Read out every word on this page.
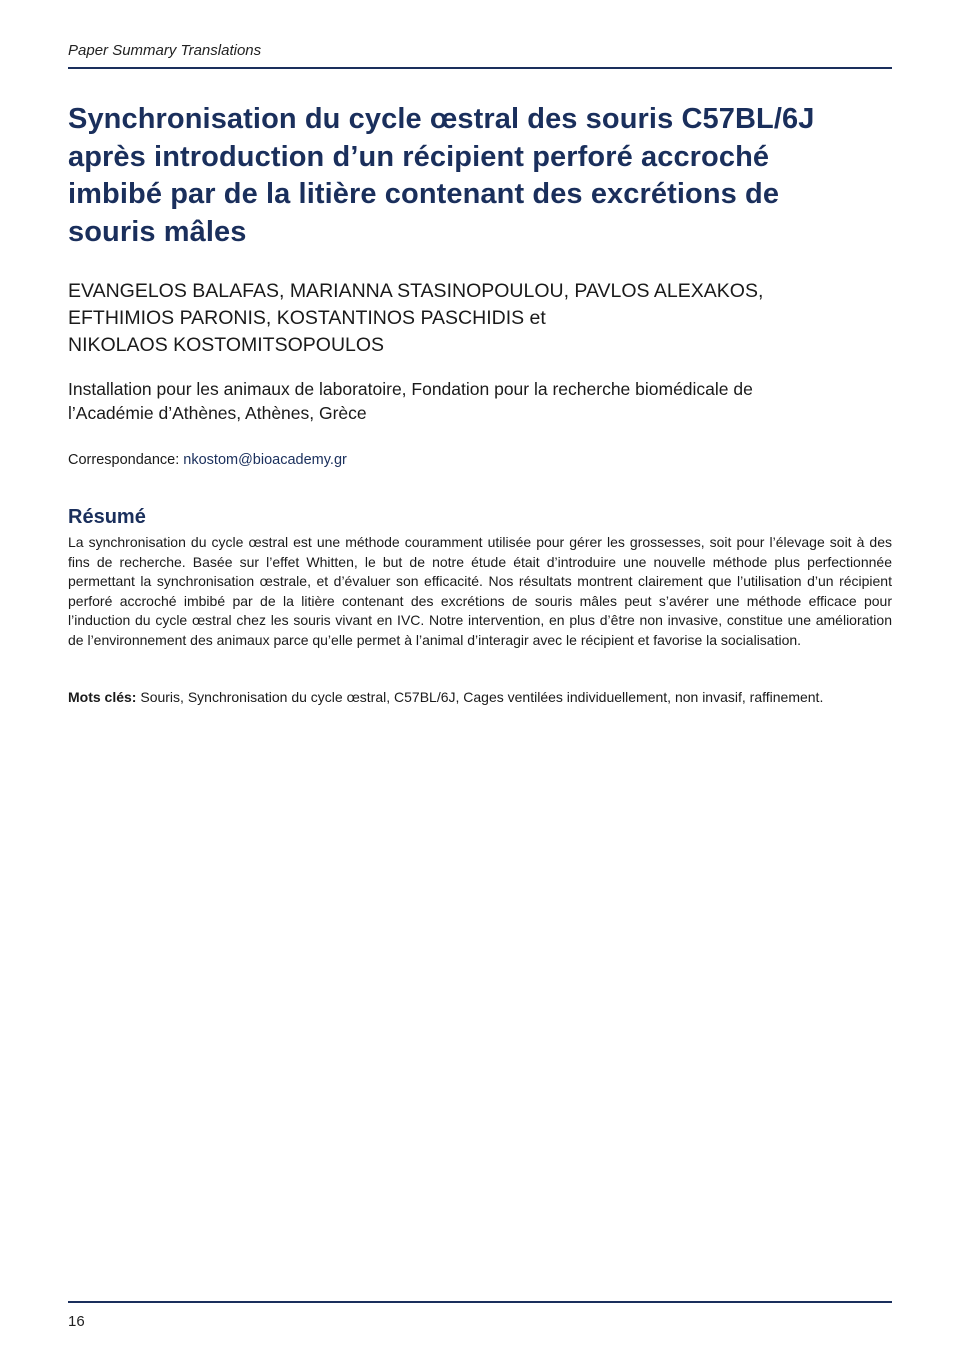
Paper Summary Translations
Synchronisation du cycle œstral des souris C57BL/6J
après introduction d’un récipient perforé accroché
imbibé par de la litière contenant des excrétions de
souris mâles
EVANGELOS BALAFAS, MARIANNA STASINOPOULOU, PAVLOS ALEXAKOS,
EFTHIMIOS PARONIS, KOSTANTINOS PASCHIDIS et
NIKOLAOS KOSTOMITSOPOULOS
Installation pour les animaux de laboratoire, Fondation pour la recherche biomédicale de
l’Académie d’Athènes, Athènes, Grèce
Correspondance: nkostom@bioacademy.gr
Résumé

La synchronisation du cycle œstral est une méthode couramment utilisée pour gérer les grossesses, soit pour l’élevage soit à des fins de recherche. Basée sur l’effet Whitten, le but de notre étude était d’introduire une nouvelle méthode plus perfectionnée permettant la synchronisation œstrale, et d’évaluer son efficacité. Nos résultats montrent clairement que l’utilisation d’un récipient perforé accroché imbibé par de la litière contenant des excrétions de souris mâles peut s’avérer une méthode efficace pour l’induction du cycle œstral chez les souris vivant en IVC. Notre intervention, en plus d’être non invasive, constitue une amélioration de l’environnement des animaux parce qu’elle permet à l’animal d’interagir avec le récipient et favorise la socialisation.

Mots clés: Souris, Synchronisation du cycle œstral, C57BL/6J, Cages ventilées individuellement, non invasif, raffinement.

16
